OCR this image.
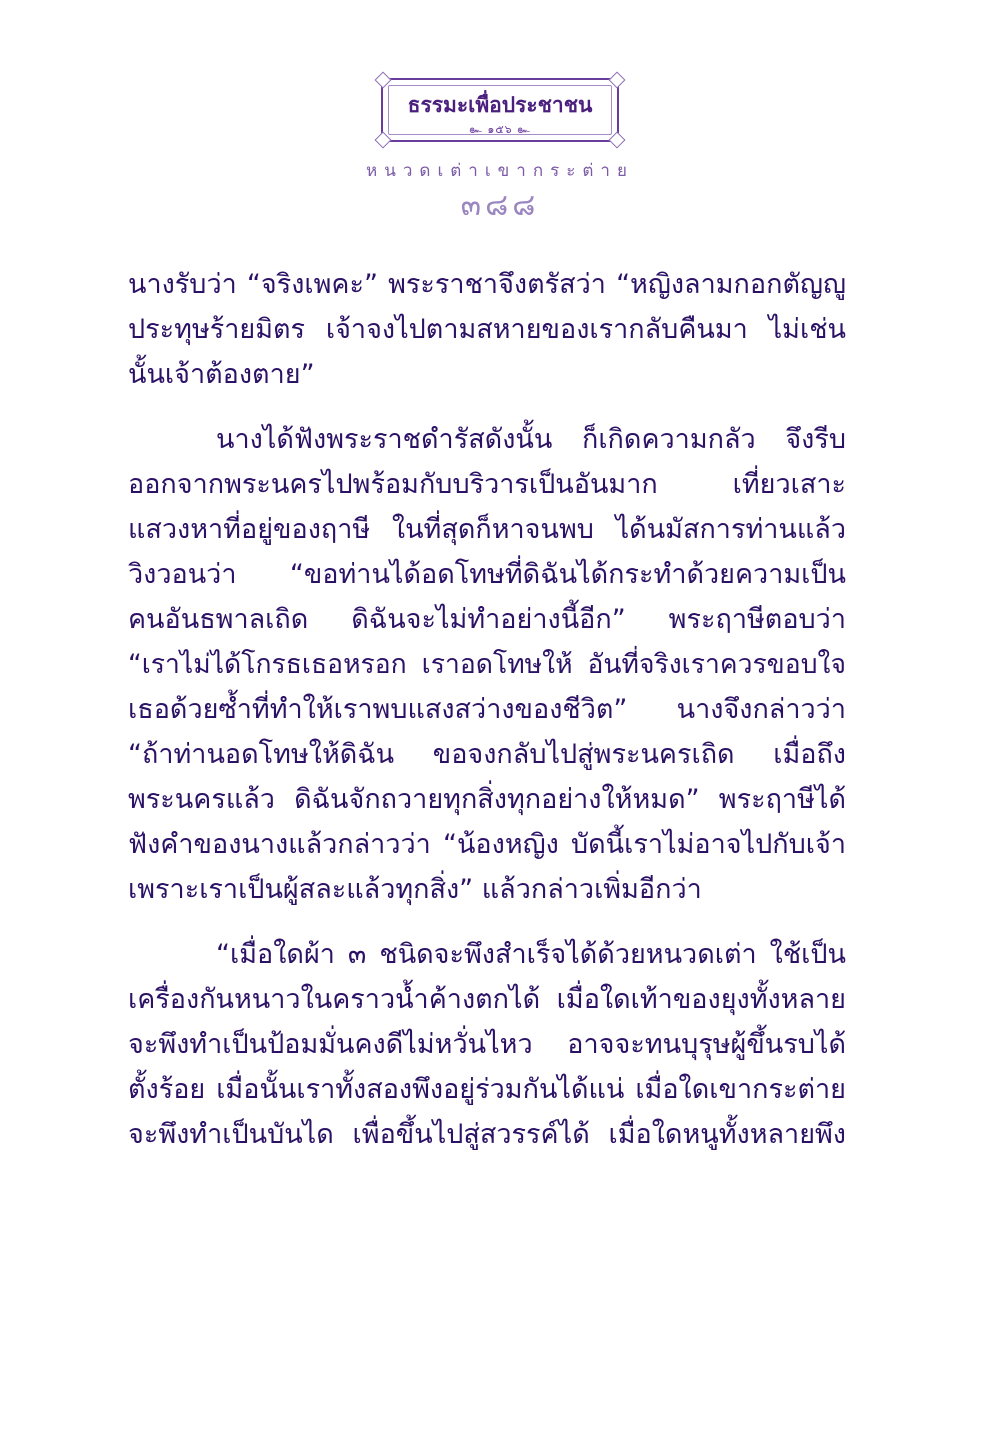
ธรรมะเพื่อประชาชน
๛ ๑๕๖ ๛
หนวดเต่าเขากระต่าย
๓๘๘

นางรับว่า “จริงเพคะ” พระราชาจึงตรัสว่า “หญิงลามกอกตัญญู
ประทุษร้ายมิตร เจ้าจงไปตามสหายของเรากลับคืนมา ไม่เช่น
นั้นเจ้าต้องตาย”

นางได้ฟังพระราชดำรัสดังนั้น ก็เกิดความกลัว จึงรีบ
ออกจากพระนครไปพร้อมกับบริวารเป็นอันมาก เที่ยวเสาะ
แสวงหาที่อยู่ของฤาษี ในที่สุดก็หาจนพบ ได้นมัสการท่านแล้ว
วิงวอนว่า “ขอท่านได้อดโทษที่ดิฉันได้กระทำด้วยความเป็น
คนอันธพาลเถิด ดิฉันจะไม่ทำอย่างนี้อีก” พระฤาษีตอบว่า
“เราไม่ได้โกรธเธอหรอก เราอดโทษให้ อันที่จริงเราควรขอบใจ
เธอด้วยซ้ำที่ทำให้เราพบแสงสว่างของชีวิต” นางจึงกล่าวว่า
“ถ้าท่านอดโทษให้ดิฉัน ขอจงกลับไปสู่พระนครเถิด เมื่อถึง
พระนครแล้ว ดิฉันจักถวายทุกสิ่งทุกอย่างให้หมด” พระฤาษีได้
ฟังคำของนางแล้วกล่าวว่า “น้องหญิง บัดนี้เราไม่อาจไปกับเจ้า
เพราะเราเป็นผู้สละแล้วทุกสิ่ง” แล้วกล่าวเพิ่มอีกว่า

“เมื่อใดผ้า ๓ ชนิดจะพึงสำเร็จได้ด้วยหนวดเต่า ใช้เป็น
เครื่องกันหนาวในคราวน้ำค้างตกได้ เมื่อใดเท้าของยุงทั้งหลาย
จะพึงทำเป็นป้อมมั่นคงดีไม่หวั่นไหว อาจจะทนบุรุษผู้ขึ้นรบได้
ตั้งร้อย เมื่อนั้นเราทั้งสองพึงอยู่ร่วมกันได้แน่ เมื่อใดเขากระต่าย
จะพึงทำเป็นบันได เพื่อขึ้นไปสู่สวรรค์ได้ เมื่อใดหนูทั้งหลายพึง
